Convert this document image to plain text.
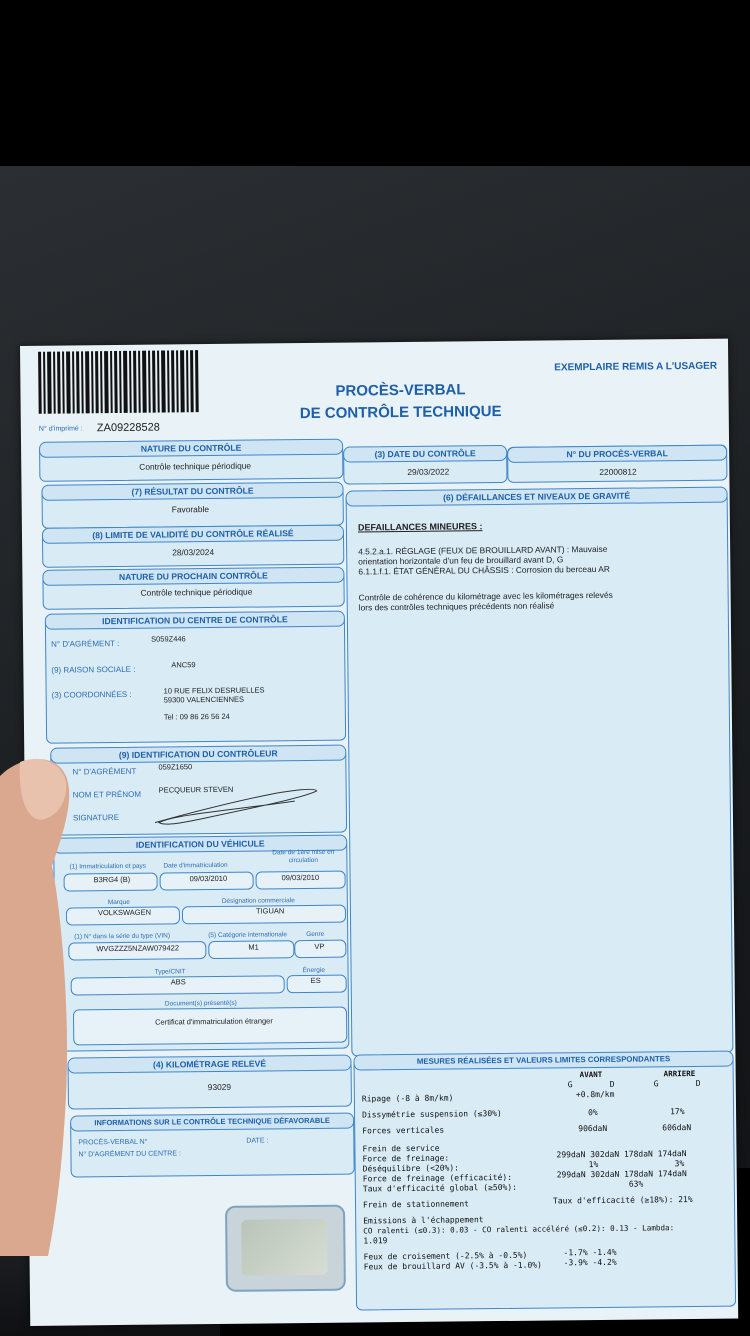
EXEMPLAIRE REMIS A L'USAGER
PROCÈS-VERBAL
DE CONTRÔLE TECHNIQUE
N° d'imprimé : ZA09228528
NATURE DU CONTRÔLE
Contrôle technique périodique
(3) DATE DU CONTRÔLE
29/03/2022
N° DU PROCÈS-VERBAL
22000812
(7) RÉSULTAT DU CONTRÔLE
Favorable
(8) LIMITE DE VALIDITÉ DU CONTRÔLE RÉALISÉ
28/03/2024
NATURE DU PROCHAIN CONTRÔLE
Contrôle technique périodique
IDENTIFICATION DU CENTRE DE CONTRÔLE
N° D'AGRÉMENT :
S059Z446
(9) RAISON SOCIALE :
ANC59
(3) COORDONNÉES :	10 RUE FELIX DESRUELLES
59300 VALENCIENNES
Tel : 09 86 26 56 24
(9) IDENTIFICATION DU CONTRÔLEUR
N° D'AGRÉMENT	059Z1650
NOM ET PRÉNOM
PECQUEUR STEVEN
SIGNATURE
IDENTIFICATION DU VÉHICULE
(1) Immatriculation et pays
B3RG4 (B)
Date d'immatriculation
09/03/2010
Date de 1ère mise en circulation
09/03/2010
Marque
VOLKSWAGEN
Désignation commerciale
TIGUAN
(1) N° dans la série du type (VIN)
WVGZZZ5NZAW079422
(5) Catégorie internationale
M1
Genre
VP
Type/CNIT
ABS
Énergie
ES
Document(s) présenté(s)
Certificat d'immatriculation étranger
(4) KILOMÉTRAGE RELEVÉ
93029
INFORMATIONS SUR LE CONTRÔLE TECHNIQUE DÉFAVORABLE
PROCÈS-VERBAL N°	DATE :
N° D'AGRÉMENT DU CENTRE :
(6) DÉFAILLANCES ET NIVEAUX DE GRAVITÉ
DEFAILLANCES MINEURES :
4.5.2.a.1. RÉGLAGE (FEUX DE BROUILLARD AVANT) : Mauvaise
orientation horizontale d'un feu de brouillard avant D, G
6.1.1.f.1. ÉTAT GÉNÉRAL DU CHÂSSIS : Corrosion du berceau AR
Contrôle de cohérence du kilométrage avec les kilométrages relevés
lors des contrôles techniques précédents non réalisé
MESURES RÉALISÉES ET VALEURS LIMITES CORRESPONDANTES
AVANT	ARRIERE
G	D	G	D
Ripage (-8 à 8m/km)	+0.8m/km
Dissymétrie suspension (≤30%)	0%	17%
Forces verticales	906daN	606daN
Frein de service
Force de freinage:	299daN 302daN 178daN 174daN
Déséquilibre (<20%):	1%	3%
Force de freinage (efficacité):	299daN 302daN 178daN 174daN
Taux d'efficacité global (≥50%):	63%
Frein de stationnement	Taux d'efficacité (≥18%): 21%
Emissions à l'échappement
CO ralenti (≤0.3): 0.03 - CO ralenti accéléré (≤0.2): 0.13 - Lambda:
1.019
Feux de croisement (-2.5% à -0.5%)	-1.7% -1.4%
Feux de brouillard AV (-3.5% à -1.0%)	-3.9% -4.2%
